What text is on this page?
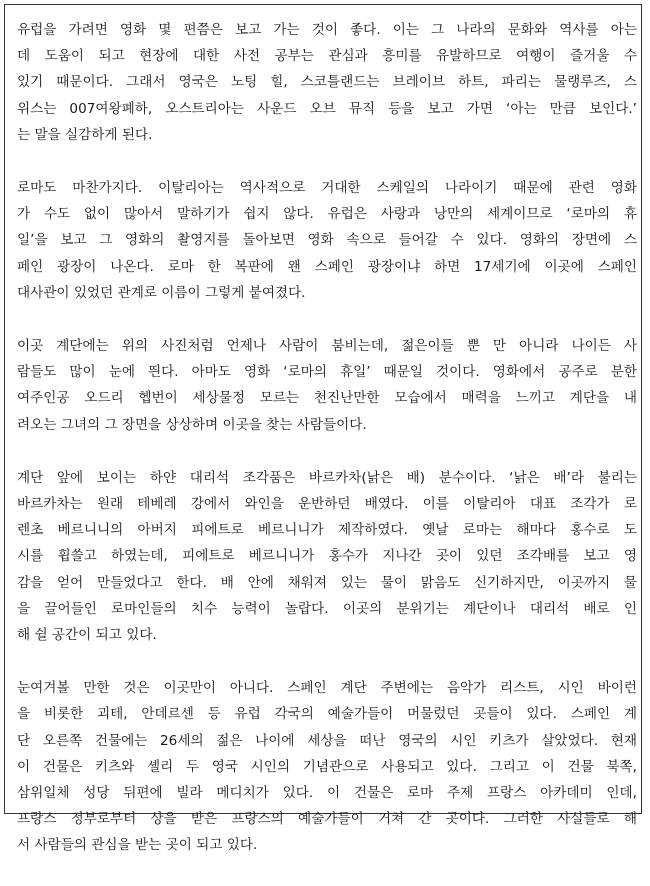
유럽을 가려면 영화 몇 편쯤은 보고 가는 것이 좋다. 이는 그 나라의 문화와 역사를 아는
데 도움이 되고 현장에 대한 사전 공부는 관심과 흥미를 유발하므로 여행이 즐거울 수
있기 때문이다. 그래서 영국은 노팅 힐, 스코틀랜드는 브레이브 하트, 파리는 물랭루즈, 스
위스는 007여왕폐하, 오스트리아는 사운드 오브 뮤직 등을 보고 가면 ‘아는 만큼 보인다.’
는 말을 실감하게 된다.

로마도 마찬가지다. 이탈리아는 역사적으로 거대한 스케일의 나라이기 때문에 관련 영화
가 수도 없이 많아서 말하기가 쉽지 않다. 유럽은 사랑과 낭만의 세계이므로 ‘로마의 휴
일’을 보고 그 영화의 촬영지를 돌아보면 영화 속으로 들어갈 수 있다. 영화의 장면에 스
페인 광장이 나온다. 로마 한 복판에 왠 스페인 광장이냐 하면 17세기에 이곳에 스페인
대사관이 있었던 관계로 이름이 그렇게 붙여졌다.

이곳 계단에는 위의 사진처럼 언제나 사람이 붐비는데, 젊은이들 뿐 만 아니라 나이든 사
람들도 많이 눈에 띈다. 아마도 영화 ‘로마의 휴일’ 때문일 것이다. 영화에서 공주로 분한
여주인공 오드리 헵번이 세상물정 모르는 천진난만한 모습에서 매력을 느끼고 계단을 내
려오는 그녀의 그 장면을 상상하며 이곳을 찾는 사람들이다.

계단 앞에 보이는 하얀 대리석 조각품은 바르카차(낡은 배) 분수이다. ‘낡은 배’라 불리는
바르카차는 원래 테베레 강에서 와인을 운반하던 배였다. 이를 이탈리아 대표 조각가 로
렌초 베르니니의 아버지 피에트로 베르니니가 제작하였다. 옛날 로마는 해마다 홍수로 도
시를 휩쓸고 하였는데, 피에트로 베르니니가 홍수가 지나간 곳이 있던 조각배를 보고 영
감을 얻어 만들었다고 한다. 배 안에 채워져 있는 물이 맑음도 신기하지만, 이곳까지 물
을 끌어들인 로마인들의 치수 능력이 놀랍다. 이곳의 분위기는 계단이나 대리석 배로 인
해 쉴 공간이 되고 있다.

눈여겨볼 만한 것은 이곳만이 아니다. 스페인 계단 주변에는 음악가 리스트, 시인 바이런
을 비롯한 괴테, 안데르센 등 유럽 각국의 예술가들이 머물렀던 곳들이 있다. 스페인 계
단 오른쪽 건물에는 26세의 젊은 나이에 세상을 떠난 영국의 시인 키츠가 살았었다. 현재
이 건물은 키츠와 셸리 두 영국 시인의 기념관으로 사용되고 있다. 그리고 이 건물 북쪽,
삼위일체 성당 뒤편에 빌라 메디치가 있다. 이 건물은 로마 주제 프랑스 아카데미 인데,
프랑스 정부로부터 상을 받은 프랑스의 예술가들이 거쳐 간 곳이다. 그러한 사실들로 해
서 사람들의 관심을 받는 곳이 되고 있다.
